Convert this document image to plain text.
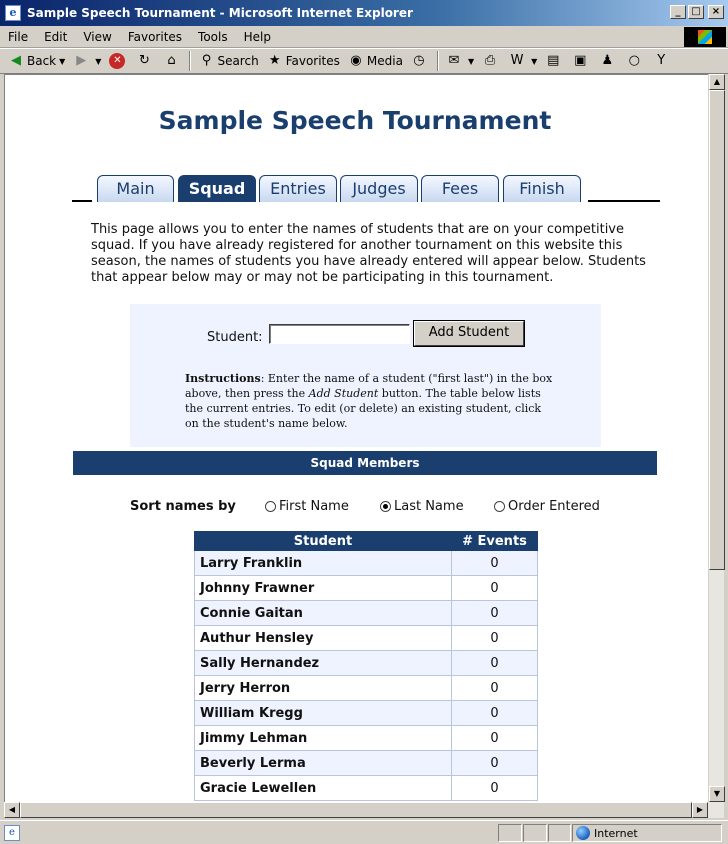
e Sample Speech Tournament - Microsoft Internet Explorer	_	□	×
File	Edit	View	Favorites	Tools	Help
◀ Back ▼ ▶	▼	✕ ↻ ⌂ ⚲ Search ★ Favorites ◉ Media ◷ ✉	▼ ⎙ W ▼ ▤ ▣ ♟ ○	Y
Sample Speech Tournament
Main	Squad	Entries	Judges	Fees	Finish

This page allows you to enter the names of students that are on your competitive squad. If you have already registered for another tournament on this website this season, the names of students you have already entered will appear below. Students that appear below may or may not be participating in this tournament.

Student:	Add Student
Instructions: Enter the name of a student ("first last") in the box above, then press the Add Student button. The table below lists the current entries. To edit (or delete) an existing student, click on the student's name below.
Squad Members
Sort names by	First Name	Last Name	Order Entered
Student	# Events
Larry Franklin	0
Johnny Frawner	0
Connie Gaitan	0
Authur Hensley	0
Sally Hernandez	0
Jerry Herron	0
William Kregg	0
Jimmy Lehman	0
Beverly Lerma	0
Gracie Lewellen	0
▲
▼
◀	▶
e	Internet
